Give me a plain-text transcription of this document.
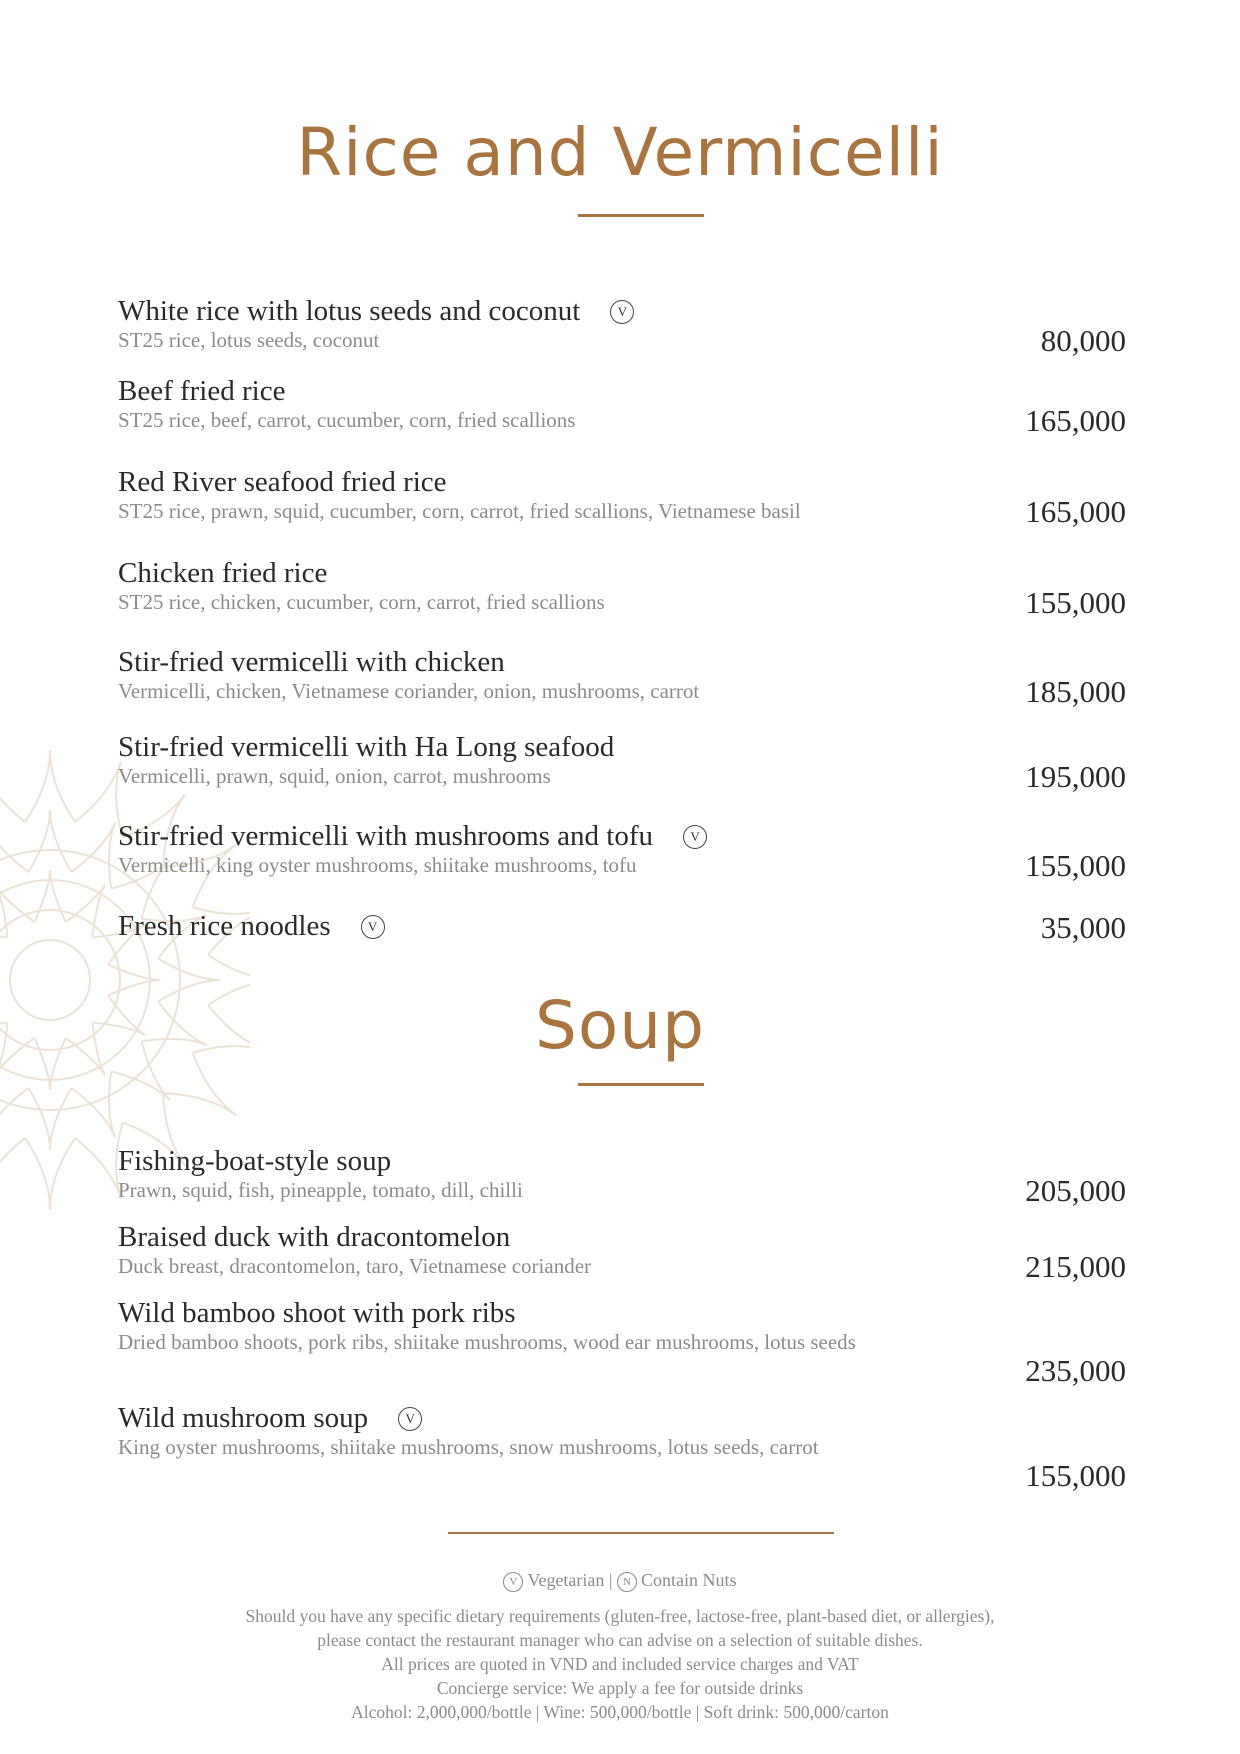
Rice and Vermicelli
White rice with lotus seeds and coconut	V
ST25 rice, lotus seeds, coconut	80,000
Beef fried rice
ST25 rice, beef, carrot, cucumber, corn, fried scallions	165,000
Red River seafood fried rice
ST25 rice, prawn, squid, cucumber, corn, carrot, fried scallions, Vietnamese basil	165,000
Chicken fried rice
ST25 rice, chicken, cucumber, corn, carrot, fried scallions	155,000
Stir-fried vermicelli with chicken
Vermicelli, chicken, Vietnamese coriander, onion, mushrooms, carrot	185,000
Stir-fried vermicelli with Ha Long seafood
Vermicelli, prawn, squid, onion, carrot, mushrooms	195,000
Stir-fried vermicelli with mushrooms and tofu	V
Vermicelli, king oyster mushrooms, shiitake mushrooms, tofu	155,000
Fresh rice noodles	V	35,000
Soup
Fishing-boat-style soup
Prawn, squid, fish, pineapple, tomato, dill, chilli	205,000
Braised duck with dracontomelon
Duck breast, dracontomelon, taro, Vietnamese coriander	215,000
Wild bamboo shoot with pork ribs
Dried bamboo shoots, pork ribs, shiitake mushrooms, wood ear mushrooms, lotus seeds
235,000
Wild mushroom soup	V
King oyster mushrooms, shiitake mushrooms, snow mushrooms, lotus seeds, carrot
155,000
V Vegetarian | N Contain Nuts
Should you have any specific dietary requirements (gluten-free, lactose-free, plant-based diet, or allergies),
please contact the restaurant manager who can advise on a selection of suitable dishes.
All prices are quoted in VND and included service charges and VAT
Concierge service: We apply a fee for outside drinks
Alcohol: 2,000,000/bottle | Wine: 500,000/bottle | Soft drink: 500,000/carton
